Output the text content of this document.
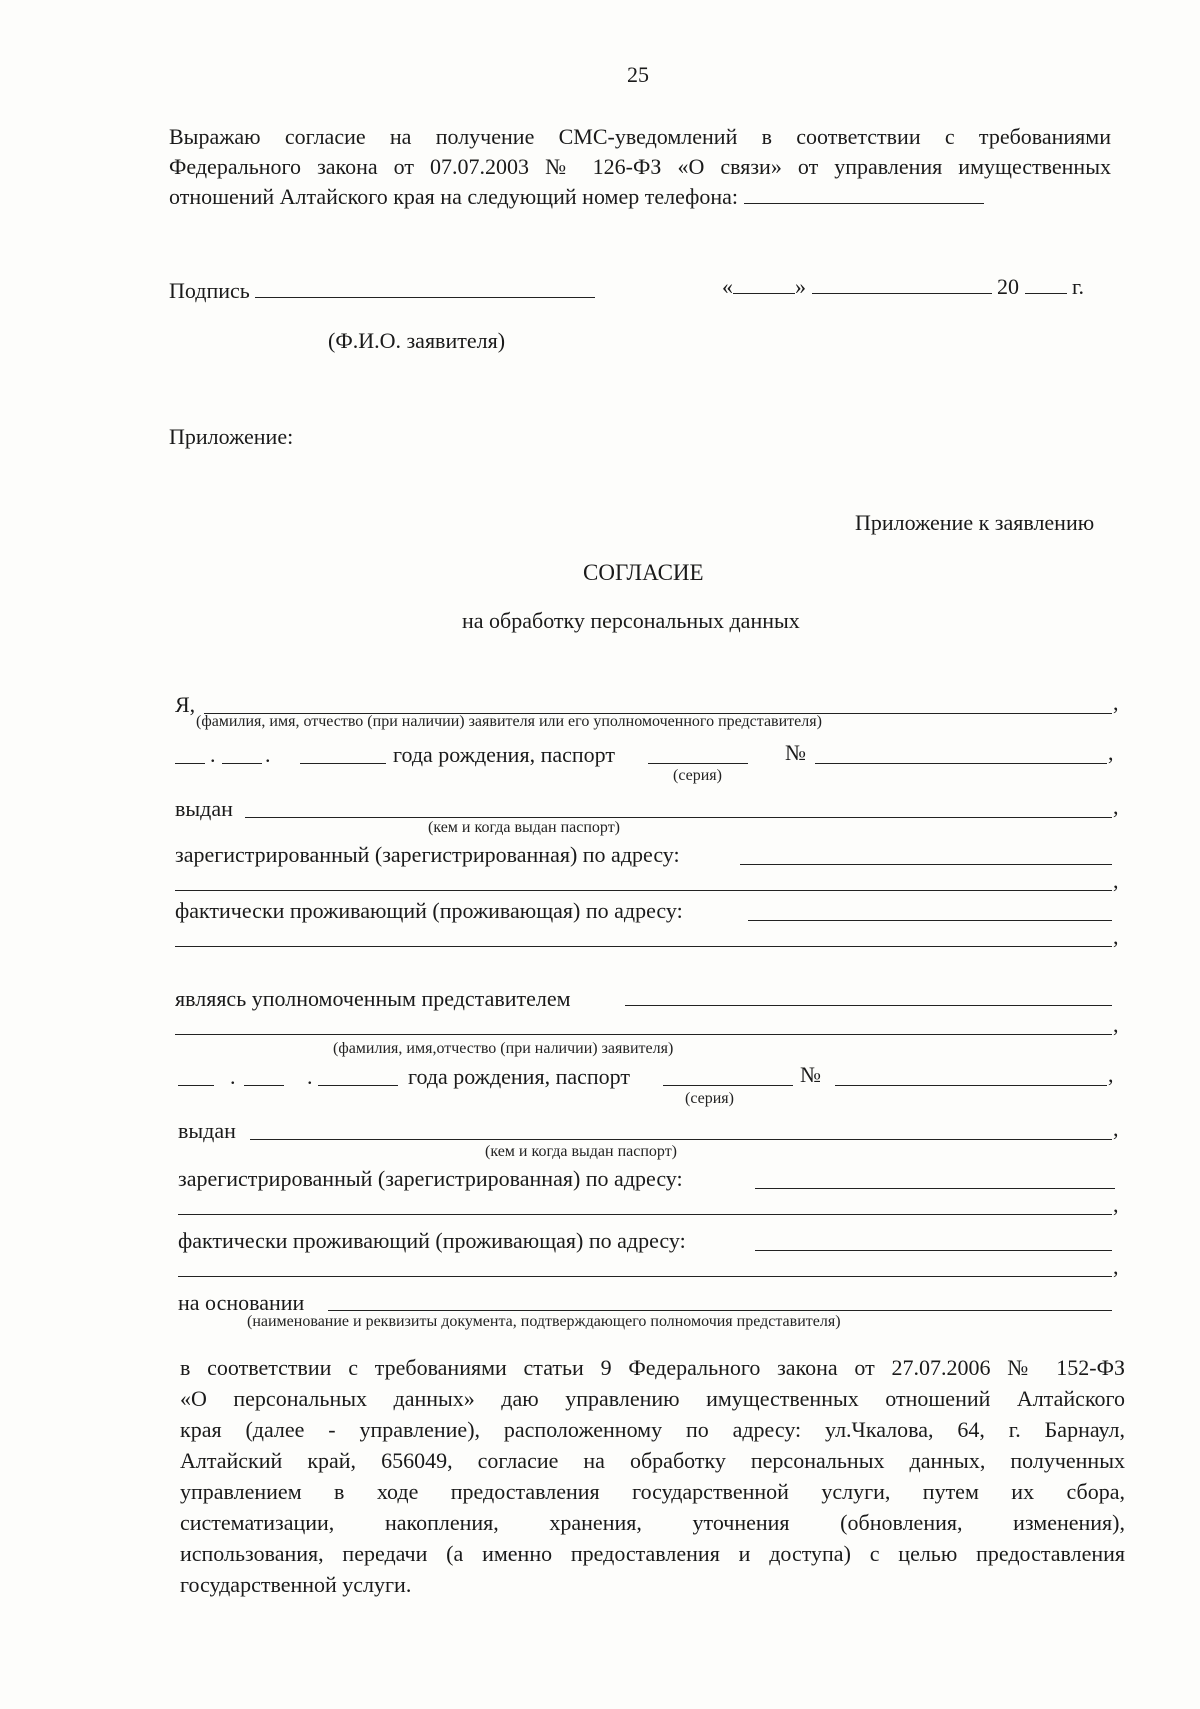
25
Выражаю согласие на получение СМС-уведомлений в соответствии с требованиями
Федерального закона от 07.07.2003 № 126-ФЗ «О связи» от управления имущественных
отношений Алтайского края на следующий номер телефона:
Подпись	«	»	20 г.
(Ф.И.О. заявителя)
Приложение:
Приложение к заявлению
СОГЛАСИЕ
на обработку персональных данных
Я,	,
(фамилия, имя, отчество (при наличии) заявителя или его уполномоченного представителя)
. .	года рождения, паспорт	№	,
(серия)
выдан	,
(кем и когда выдан паспорт)
зарегистрированный (зарегистрированная) по адресу:
,
фактически проживающий (проживающая) по адресу:
,
являясь уполномоченным представителем
,
(фамилия, имя,отчество (при наличии) заявителя)
.	.	года рождения, паспорт	№	,
(серия)
выдан	,
(кем и когда выдан паспорт)
зарегистрированный (зарегистрированная) по адресу:
,
фактически проживающий (проживающая) по адресу:
,
на основании
(наименование и реквизиты документа, подтверждающего полномочия представителя)
в соответствии с требованиями статьи 9 Федерального закона от 27.07.2006 № 152-ФЗ
«О персональных данных» даю управлению имущественных отношений Алтайского
края (далее - управление), расположенному по адресу: ул.Чкалова, 64, г. Барнаул,
Алтайский край, 656049, согласие на обработку персональных данных, полученных
управлением в ходе предоставления государственной услуги, путем их сбора,
систематизации, накопления, хранения, уточнения (обновления, изменения),
использования, передачи (а именно предоставления и доступа) с целью предоставления
государственной услуги.
